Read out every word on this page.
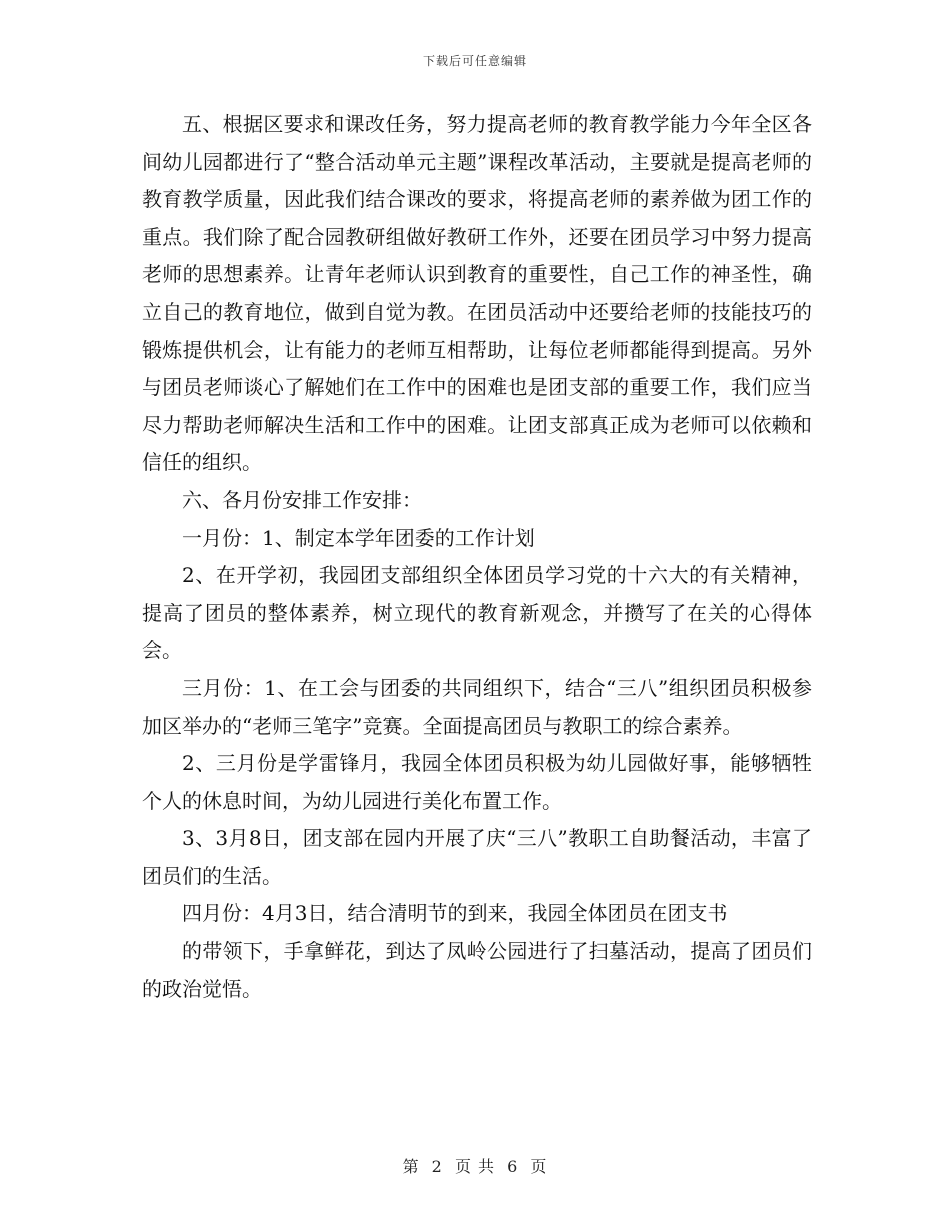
下载后可任意编辑

五、根据区要求和课改任务，努力提高老师的教育教学能力今年全区各间幼儿园都进行了“整合活动单元主题”课程改革活动，主要就是提高老师的教育教学质量，因此我们结合课改的要求，将提高老师的素养做为团工作的重点。我们除了配合园教研组做好教研工作外，还要在团员学习中努力提高老师的思想素养。让青年老师认识到教育的重要性，自己工作的神圣性，确立自己的教育地位，做到自觉为教。在团员活动中还要给老师的技能技巧的锻炼提供机会，让有能力的老师互相帮助，让每位老师都能得到提高。另外与团员老师谈心了解她们在工作中的困难也是团支部的重要工作，我们应当尽力帮助老师解决生活和工作中的困难。让团支部真正成为老师可以依赖和信任的组织。

六、各月份安排工作安排：

一月份：1、制定本学年团委的工作计划

2、在开学初，我园团支部组织全体团员学习党的十六大的有关精神，提高了团员的整体素养，树立现代的教育新观念，并攒写了在关的心得体会。

三月份：1、在工会与团委的共同组织下，结合“三八”组织团员积极参加区举办的“老师三笔字”竞赛。全面提高团员与教职工的综合素养。

2、三月份是学雷锋月，我园全体团员积极为幼儿园做好事，能够牺牲个人的休息时间，为幼儿园进行美化布置工作。

3、3月8日，团支部在园内开展了庆“三八”教职工自助餐活动，丰富了团员们的生活。

四月份：4月3日，结合清明节的到来，我园全体团员在团支书

的带领下，手拿鲜花，到达了凤岭公园进行了扫墓活动，提高了团员们的政治觉悟。

第 2 页 共 6 页
